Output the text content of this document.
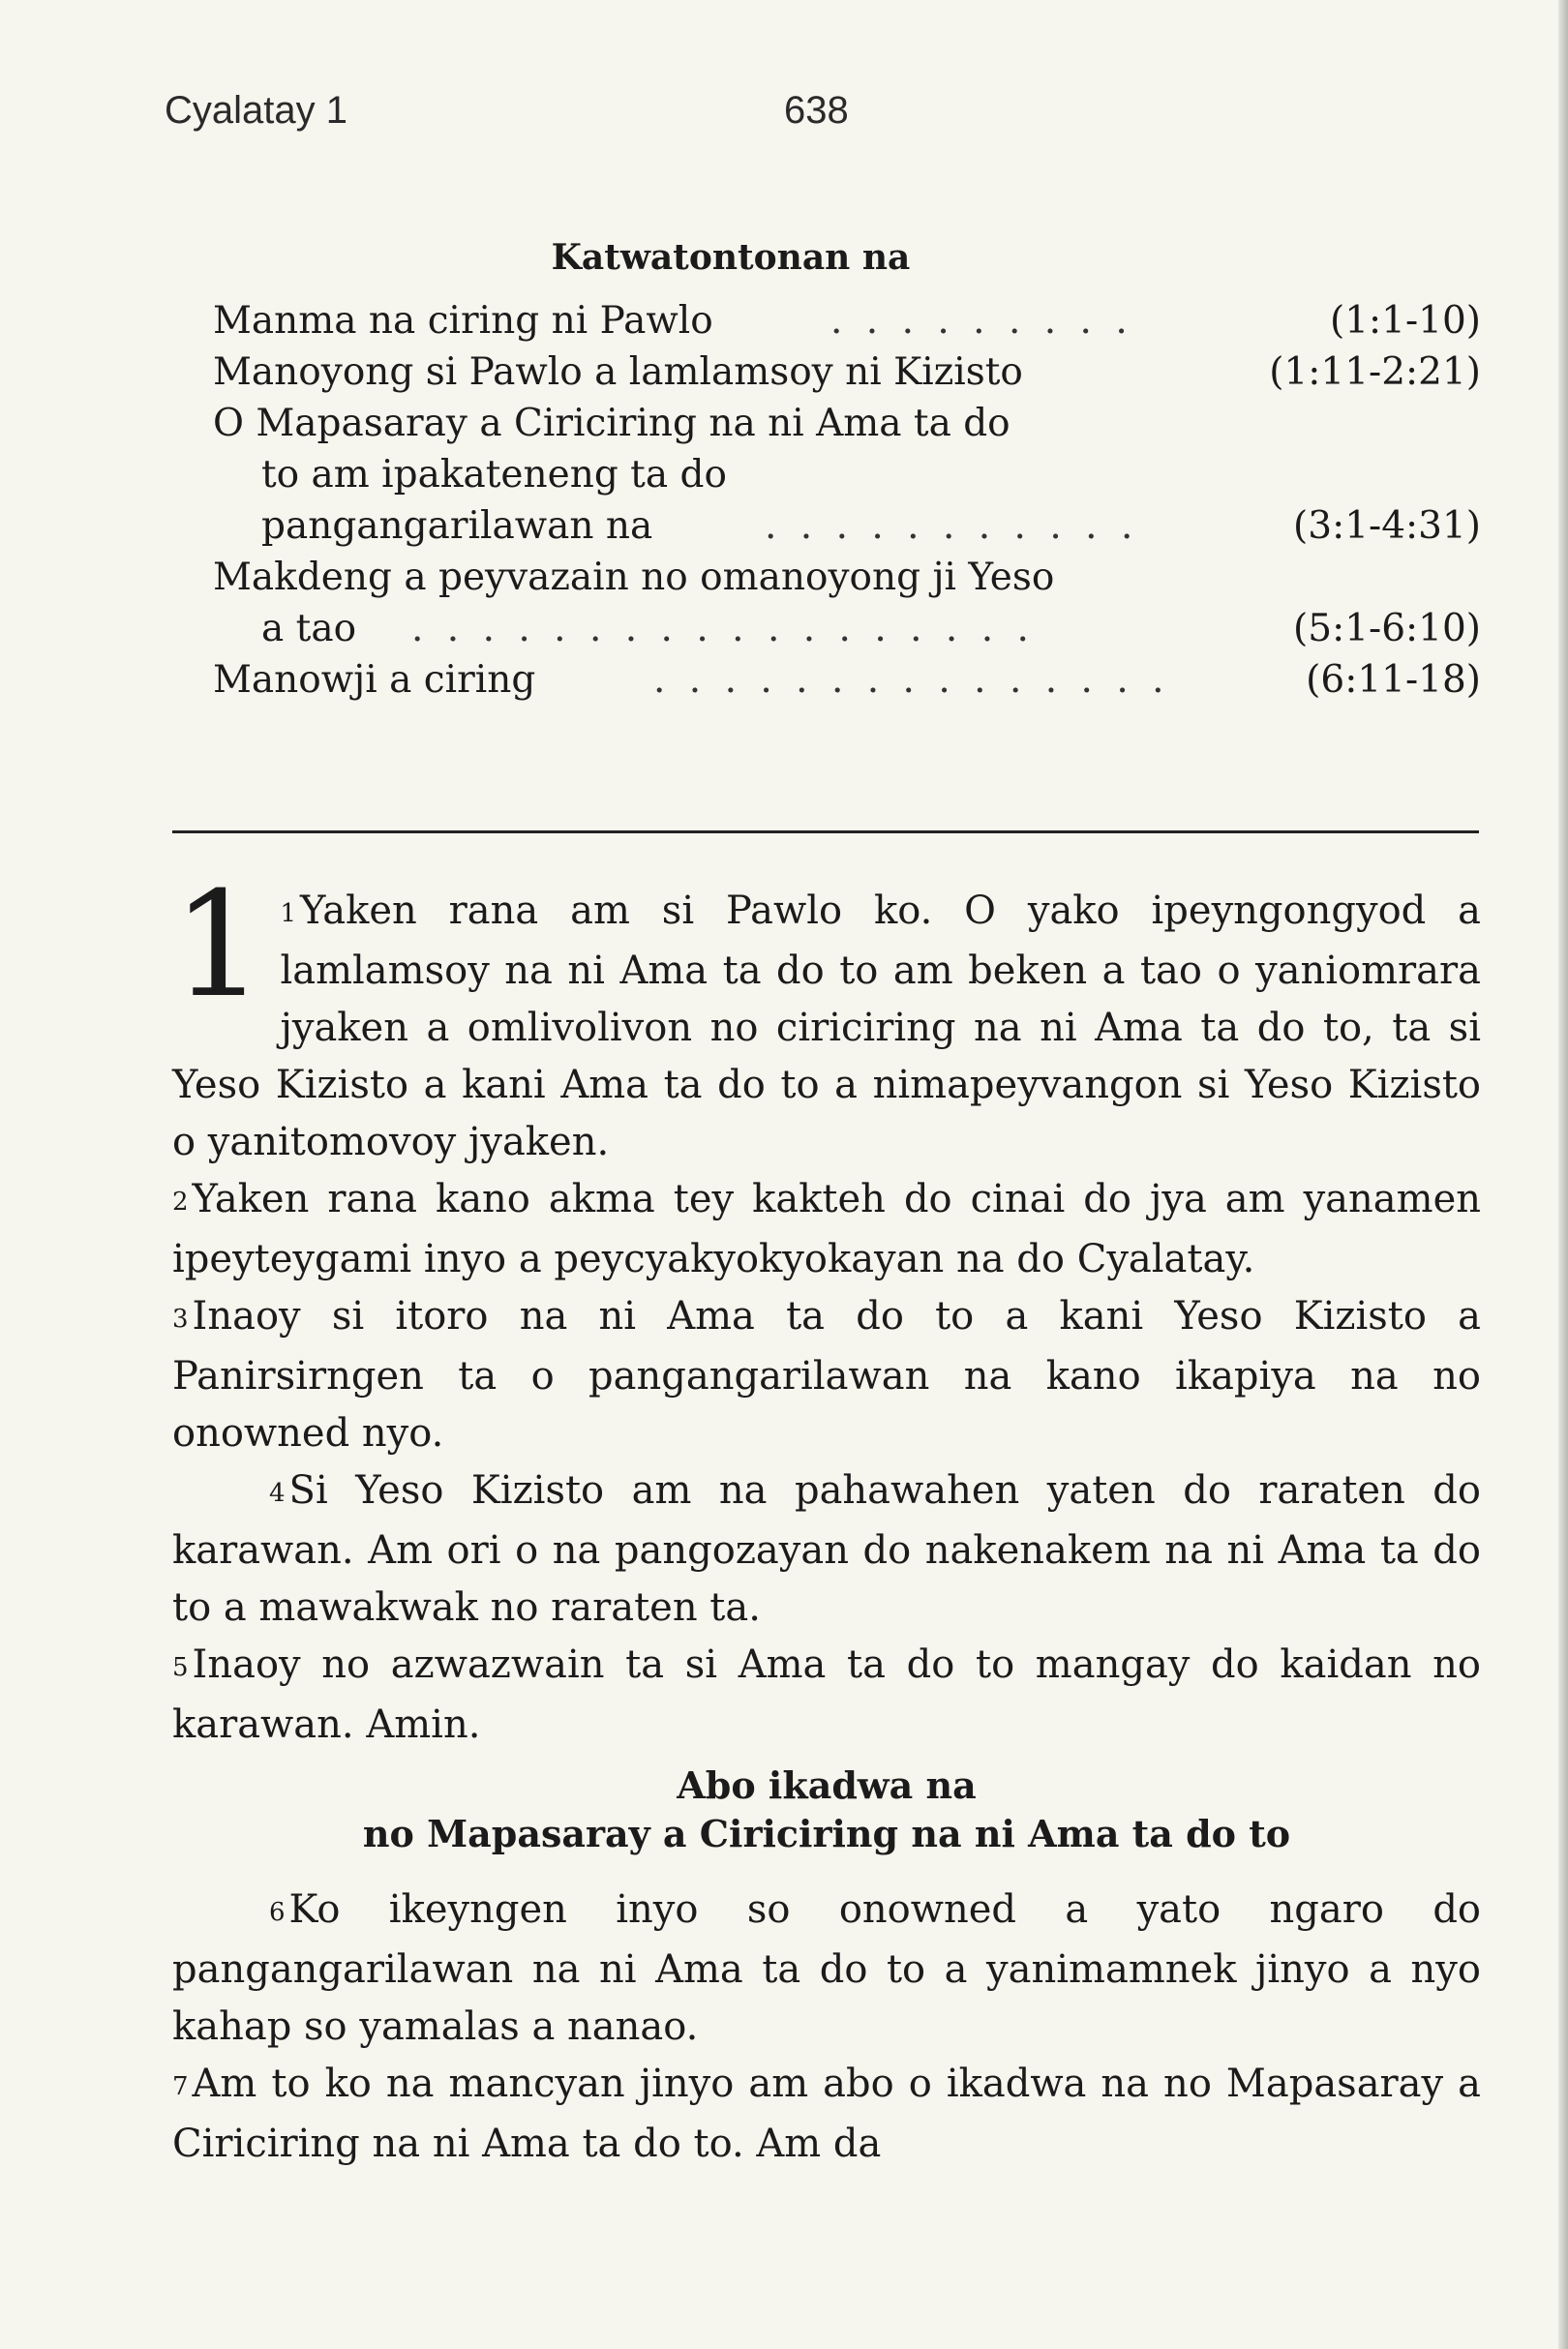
Cyalatay 1	638
Katwatontonan na
Manma na ciring ni Pawlo	. . . . . . . . .	(1:1-10)
Manoyong si Pawlo a lamlamsoy ni Kizisto	(1:11-2:21)
O Mapasaray a Ciriciring na ni Ama ta do
to am ipakateneng ta do
pangangarilawan na	. . . . . . . . . . .	(3:1-4:31)
Makdeng a peyvazain no omanoyong ji Yeso
a tao . . . . . . . . . . . . . . . . . .	(5:1-6:10)
Manowji a ciring	. . . . . . . . . . . . . . .	(6:11-18)

1 1 Yaken rana am si Pawlo ko. O yako ipeyngongyod a lamlamsoy na ni Ama ta do to am beken a tao o yaniomrara jyaken a omlivolivon no ciriciring na ni Ama ta do to, ta si Yeso Kizisto a kani Ama ta do to a nimapeyvangon si Yeso Kizisto o yanitomovoy jyaken.

2 Yaken rana kano akma tey kakteh do cinai do jya am yanamen ipeyteygami inyo a peycyakyokyokayan na do Cyalatay.

3 Inaoy si itoro na ni Ama ta do to a kani Yeso Kizisto a Panirsirngen ta o pangangarilawan na kano ikapiya na no onowned nyo.

4 Si Yeso Kizisto am na pahawahen yaten do raraten do karawan. Am ori o na pangozayan do nakenakem na ni Ama ta do to a mawakwak no raraten ta.

5 Inaoy no azwazwain ta si Ama ta do to mangay do kaidan no karawan. Amin.

Abo ikadwa na
no Mapasaray a Ciriciring na ni Ama ta do to

6 Ko ikeyngen inyo so onowned a yato ngaro do pangangarilawan na ni Ama ta do to a yanimamnek jinyo a nyo kahap so yamalas a nanao.

7 Am to ko na mancyan jinyo am abo o ikadwa na no Mapasaray a Ciriciring na ni Ama ta do to. Am da
